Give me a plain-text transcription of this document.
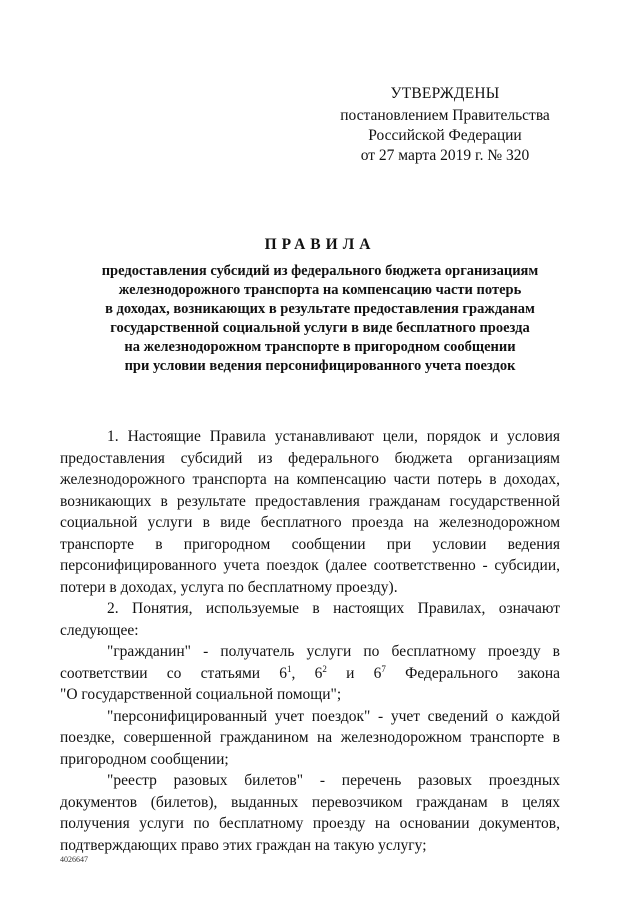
УТВЕРЖДЕНЫ
постановлением Правительства
Российской Федерации
от 27 марта 2019 г. № 320
ПРАВИЛА
предоставления субсидий из федерального бюджета организациям
железнодорожного транспорта на компенсацию части потерь
в доходах, возникающих в результате предоставления гражданам
государственной социальной услуги в виде бесплатного проезда
на железнодорожном транспорте в пригородном сообщении
при условии ведения персонифицированного учета поездок
1. Настоящие Правила устанавливают цели, порядок и условия предоставления субсидий из федерального бюджета организациям железнодорожного транспорта на компенсацию части потерь в доходах, возникающих в результате предоставления гражданам государственной социальной услуги в виде бесплатного проезда на железнодорожном транспорте в пригородном сообщении при условии ведения персонифицированного учета поездок (далее соответственно - субсидии, потери в доходах, услуга по бесплатному проезду).
2. Понятия, используемые в настоящих Правилах, означают следующее:
"гражданин" - получатель услуги по бесплатному проезду в соответствии со статьями $6^1$, $6^2$ и $6^7$ Федерального закона
"О государственной социальной помощи";
"персонифицированный учет поездок" - учет сведений о каждой поездке, совершенной гражданином на железнодорожном транспорте в пригородном сообщении;
"реестр разовых билетов" - перечень разовых проездных документов (билетов), выданных перевозчиком гражданам в целях получения услуги по бесплатному проезду на основании документов, подтверждающих право этих граждан на такую услугу;
4026647
